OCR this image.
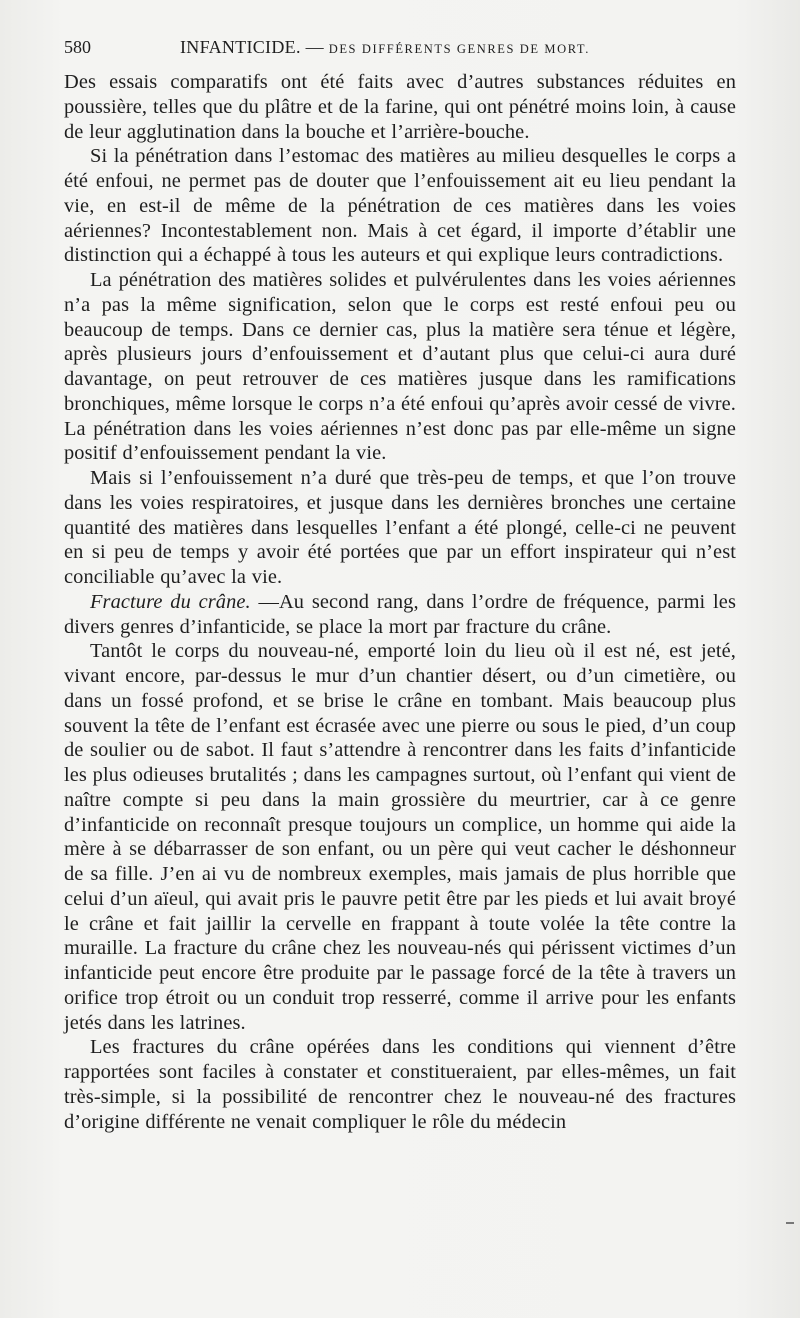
580	INFANTICIDE. — DES DIFFÉRENTS GENRES DE MORT.

Des essais comparatifs ont été faits avec d’autres substances réduites en poussière, telles que du plâtre et de la farine, qui ont pénétré moins loin, à cause de leur agglutination dans la bouche et l’arrière-bouche.

Si la pénétration dans l’estomac des matières au milieu desquelles le corps a été enfoui, ne permet pas de douter que l’enfouissement ait eu lieu pendant la vie, en est-il de même de la pénétration de ces matières dans les voies aériennes? Incontestablement non. Mais à cet égard, il importe d’établir une distinction qui a échappé à tous les auteurs et qui explique leurs contradictions.

La pénétration des matières solides et pulvérulentes dans les voies aériennes n’a pas la même signification, selon que le corps est resté enfoui peu ou beaucoup de temps. Dans ce dernier cas, plus la matière sera ténue et légère, après plusieurs jours d’enfouissement et d’autant plus que celui-ci aura duré davantage, on peut retrouver de ces matières jusque dans les ramifications bronchiques, même lorsque le corps n’a été enfoui qu’après avoir cessé de vivre. La pénétration dans les voies aériennes n’est donc pas par elle-même un signe positif d’enfouissement pendant la vie.

Mais si l’enfouissement n’a duré que très-peu de temps, et que l’on trouve dans les voies respiratoires, et jusque dans les dernières bronches une certaine quantité des matières dans lesquelles l’enfant a été plongé, celle-ci ne peuvent en si peu de temps y avoir été portées que par un effort inspirateur qui n’est conciliable qu’avec la vie.

Fracture du crâne. —Au second rang, dans l’ordre de fréquence, parmi les divers genres d’infanticide, se place la mort par fracture du crâne.

Tantôt le corps du nouveau-né, emporté loin du lieu où il est né, est jeté, vivant encore, par-dessus le mur d’un chantier désert, ou d’un cimetière, ou dans un fossé profond, et se brise le crâne en tombant. Mais beaucoup plus souvent la tête de l’enfant est écrasée avec une pierre ou sous le pied, d’un coup de soulier ou de sabot. Il faut s’attendre à rencontrer dans les faits d’infanticide les plus odieuses brutalités ; dans les campagnes surtout, où l’enfant qui vient de naître compte si peu dans la main grossière du meurtrier, car à ce genre d’infanticide on reconnaît presque toujours un complice, un homme qui aide la mère à se débarrasser de son enfant, ou un père qui veut cacher le déshonneur de sa fille. J’en ai vu de nombreux exemples, mais jamais de plus horrible que celui d’un aïeul, qui avait pris le pauvre petit être par les pieds et lui avait broyé le crâne et fait jaillir la cervelle en frappant à toute volée la tête contre la muraille. La fracture du crâne chez les nouveau-nés qui périssent victimes d’un infanticide peut encore être produite par le passage forcé de la tête à travers un orifice trop étroit ou un conduit trop resserré, comme il arrive pour les enfants jetés dans les latrines.

Les fractures du crâne opérées dans les conditions qui viennent d’être rapportées sont faciles à constater et constitueraient, par elles-mêmes, un fait très-simple, si la possibilité de rencontrer chez le nouveau-né des fractures d’origine différente ne venait compliquer le rôle du médecin
